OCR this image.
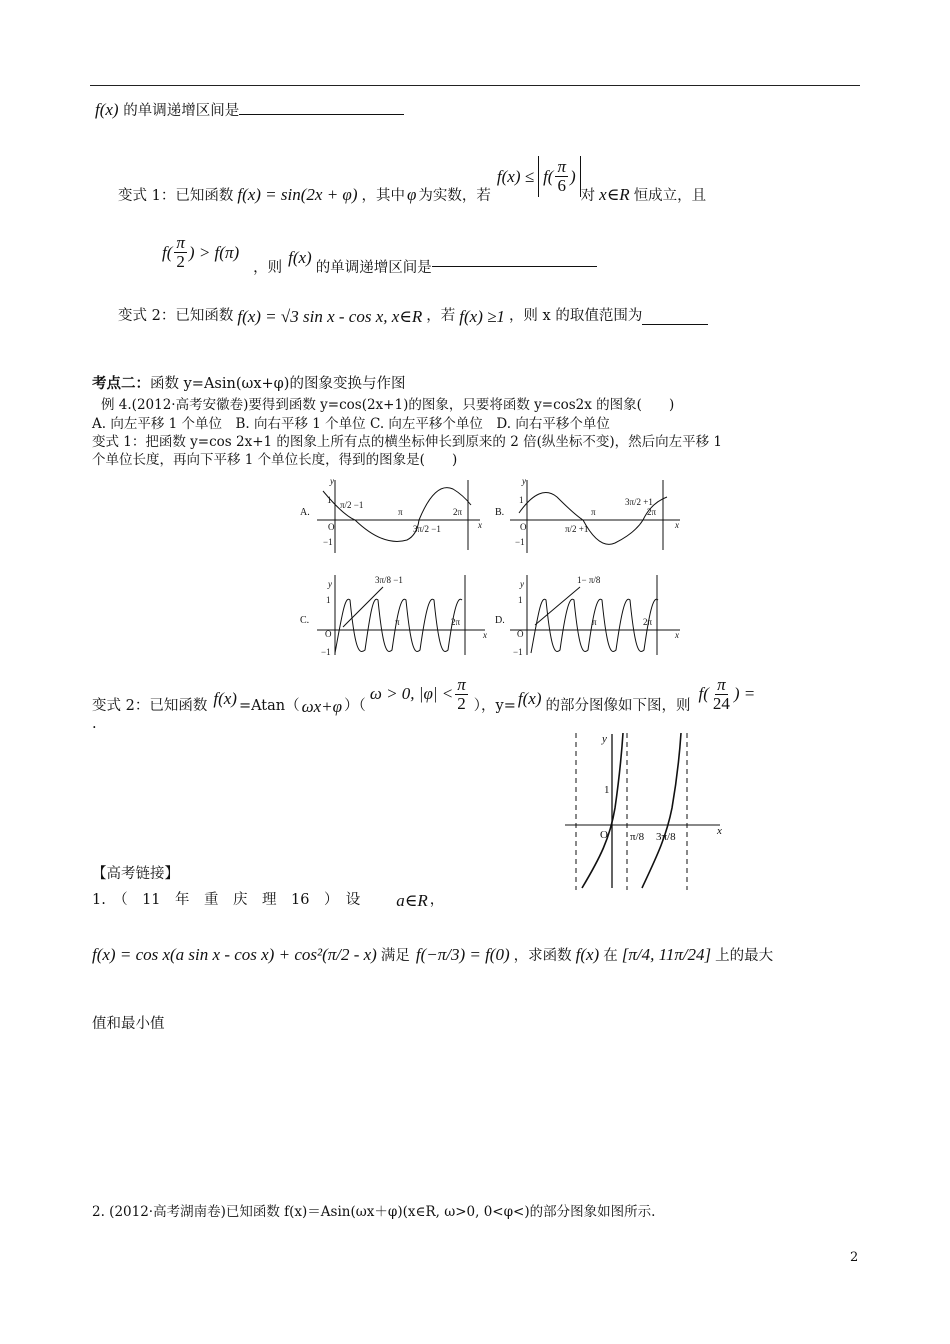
f(x) 的单调递增区间是
变式 1：已知函数 f(x) = sin(2x + φ) ，其中 φ 为实数，若
$f(x) \le f( \frac{\pi}{6}$ )
对 x∈R 恒成立，且
$f( \frac{\pi}{2}$ ) > f(π)
，则
f(x)
的单调递增区间是
变式 2：已知函数 f(x) = √3 sin x - cos x, x∈R ，若 f(x) ≥1 ，则 x 的取值范围为
考点二：函数 y=Asin(ωx+φ)的图象变换与作图
例 4.(2012·高考安徽卷)要得到函数 y=cos(2x+1)的图象，只要将函数 y=cos2x 的图象(　　)
A. 向左平移 1 个单位　B. 向右平移 1 个单位 C. 向左平移个单位　D. 向右平移个单位
变式 1：把函数 y=cos 2x+1 的图象上所有点的横坐标伸长到原来的 2 倍(纵坐标不变)，然后向左平移 1
个单位长度，再向下平移 1 个单位长度，得到的图象是(　　)
A.
y
x
O
1
−1
π/2 −1
π
3π/2 −1
2π	B.
y
x
O
1
−1
π/2 +1
π
3π/2 +1
2π
C.
y
x
O
1
−1
3π/8 −1
π	2π	D.
y
x
O
1
−1
1− π/8
π	2π
变式 2：已知函数 f(x) =Atan（ ωx+φ ）（
ω > 0, $|\varphi| < \frac{\pi}{2}$ ），y= f(x) 的部分图像如下图，则
$f( \frac{\pi}{24}$ ) =
.
y
x
O
1
π/8 3π/8
【高考链接】
1.　（　11　年　重　庆　理　16　）　设 a∈R ，
f(x) = cos x(a sin x - cos x) + cos²(π/2 - x) 满足 f(−π/3) = f(0) ，求函数 f(x) 在 [π/4, 11π/24] 上的最大
值和最小值
2. (2012·高考湖南卷)已知函数 f(x)＝Asin(ωx＋φ)(x∈R, ω>0, 0<φ<)的部分图象如图所示.
2
